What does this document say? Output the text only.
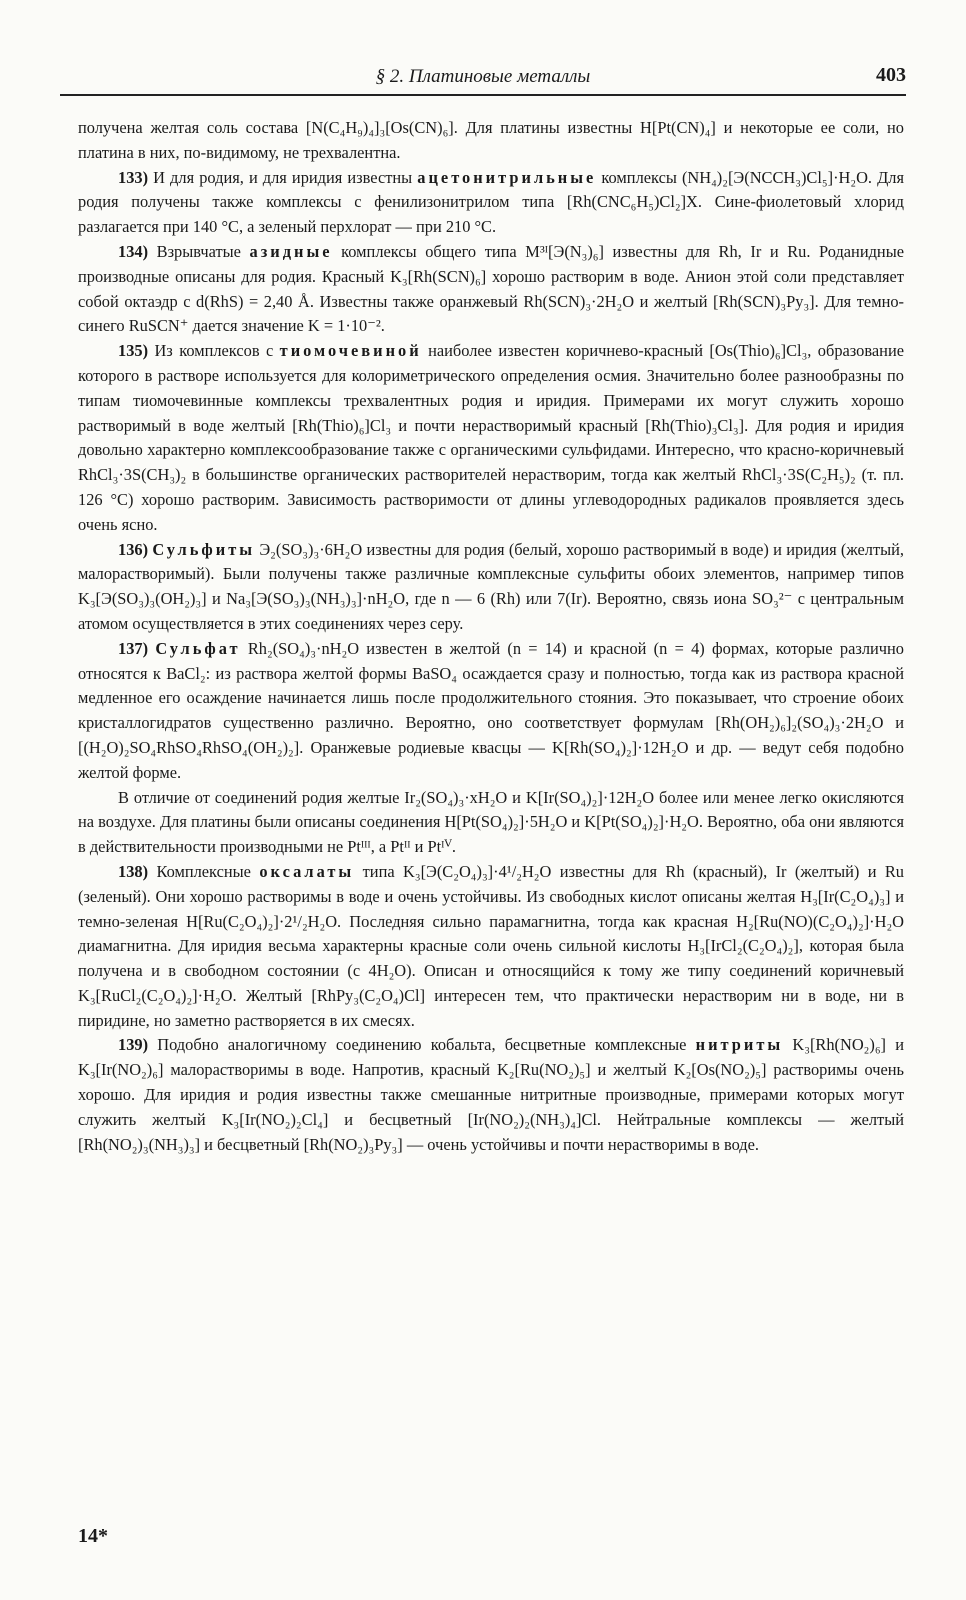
§ 2. Платиновые металлы	403

получена желтая соль состава [N(C₄H₉)₄]₃[Os(CN)₆]. Для платины известны H[Pt(CN)₄] и некоторые ее соли, но платина в них, по-видимому, не трехвалентна.

133) И для родия, и для иридия известны ацетонитрильные комплексы (NH₄)₂[Э(NCCH₃)Cl₅]·H₂O. Для родия получены также комплексы с фенилизонитрилом типа [Rh(CNC₆H₅)Cl₂]X. Сине-фиолетовый хлорид разлагается при 140 °C, а зеленый перхлорат — при 210 °C.

134) Взрывчатые азидные комплексы общего типа M³ᴵ[Э(N₃)₆] известны для Rh, Ir и Ru. Роданидные производные описаны для родия. Красный K₃[Rh(SCN)₆] хорошо растворим в воде. Анион этой соли представляет собой октаэдр с d(RhS) = 2,40 Å. Известны также оранжевый Rh(SCN)₃·2H₂O и желтый [Rh(SCN)₃Py₃]. Для темно-синего RuSCN⁺ дается значение K = 1·10⁻².

135) Из комплексов с тиомочевиной наиболее известен коричнево-красный [Os(Thio)₆]Cl₃, образование которого в растворе используется для колориметрического определения осмия. Значительно более разнообразны по типам тиомочевинные комплексы трехвалентных родия и иридия. Примерами их могут служить хорошо растворимый в воде желтый [Rh(Thio)₆]Cl₃ и почти нерастворимый красный [Rh(Thio)₃Cl₃]. Для родия и иридия довольно характерно комплексообразование также с органическими сульфидами. Интересно, что красно-коричневый RhCl₃·3S(CH₃)₂ в большинстве органических растворителей нерастворим, тогда как желтый RhCl₃·3S(C₂H₅)₂ (т. пл. 126 °C) хорошо растворим. Зависимость растворимости от длины углеводородных радикалов проявляется здесь очень ясно.

136) Сульфиты Э₂(SO₃)₃·6H₂O известны для родия (белый, хорошо растворимый в воде) и иридия (желтый, малорастворимый). Были получены также различные комплексные сульфиты обоих элементов, например типов K₃[Э(SO₃)₃(OH₂)₃] и Na₃[Э(SO₃)₃(NH₃)₃]·nH₂O, где n — 6 (Rh) или 7(Ir). Вероятно, связь иона SO₃²⁻ с центральным атомом осуществляется в этих соединениях через серу.

137) Сульфат Rh₂(SO₄)₃·nH₂O известен в желтой (n = 14) и красной (n = 4) формах, которые различно относятся к BaCl₂: из раствора желтой формы BaSO₄ осаждается сразу и полностью, тогда как из раствора красной медленное его осаждение начинается лишь после продолжительного стояния. Это показывает, что строение обоих кристаллогидратов существенно различно. Вероятно, оно соответствует формулам [Rh(OH₂)₆]₂(SO₄)₃·2H₂O и [(H₂O)₂SO₄RhSO₄RhSO₄(OH₂)₂]. Оранжевые родиевые квасцы — K[Rh(SO₄)₂]·12H₂O и др. — ведут себя подобно желтой форме.

В отличие от соединений родия желтые Ir₂(SO₄)₃·xH₂O и K[Ir(SO₄)₂]·12H₂O более или менее легко окисляются на воздухе. Для платины были описаны соединения H[Pt(SO₄)₂]·5H₂O и K[Pt(SO₄)₂]·H₂O. Вероятно, оба они являются в действительности производными не Ptᴵᴵᴵ, а Ptᴵᴵ и Ptᴵⱽ.

138) Комплексные оксалаты типа K₃[Э(C₂O₄)₃]·4¹/₂H₂O известны для Rh (красный), Ir (желтый) и Ru (зеленый). Они хорошо растворимы в воде и очень устойчивы. Из свободных кислот описаны желтая H₃[Ir(C₂O₄)₃] и темно-зеленая H[Ru(C₂O₄)₂]·2¹/₂H₂O. Последняя сильно парамагнитна, тогда как красная H₂[Ru(NO)(C₂O₄)₂]·H₂O диамагнитна. Для иридия весьма характерны красные соли очень сильной кислоты H₃[IrCl₂(C₂O₄)₂], которая была получена и в свободном состоянии (с 4H₂O). Описан и относящийся к тому же типу соединений коричневый K₃[RuCl₂(C₂O₄)₂]·H₂O. Желтый [RhPy₃(C₂O₄)Cl] интересен тем, что практически нерастворим ни в воде, ни в пиридине, но заметно растворяется в их смесях.

139) Подобно аналогичному соединению кобальта, бесцветные комплексные нитриты K₃[Rh(NO₂)₆] и K₃[Ir(NO₂)₆] малорастворимы в воде. Напротив, красный K₂[Ru(NO₂)₅] и желтый K₂[Os(NO₂)₅] растворимы очень хорошо. Для иридия и родия известны также смешанные нитритные производные, примерами которых могут служить желтый K₃[Ir(NO₂)₂Cl₄] и бесцветный [Ir(NO₂)₂(NH₃)₄]Cl. Нейтральные комплексы — желтый [Rh(NO₂)₃(NH₃)₃] и бесцветный [Rh(NO₂)₃Py₃] — очень устойчивы и почти нерастворимы в воде.

14*
